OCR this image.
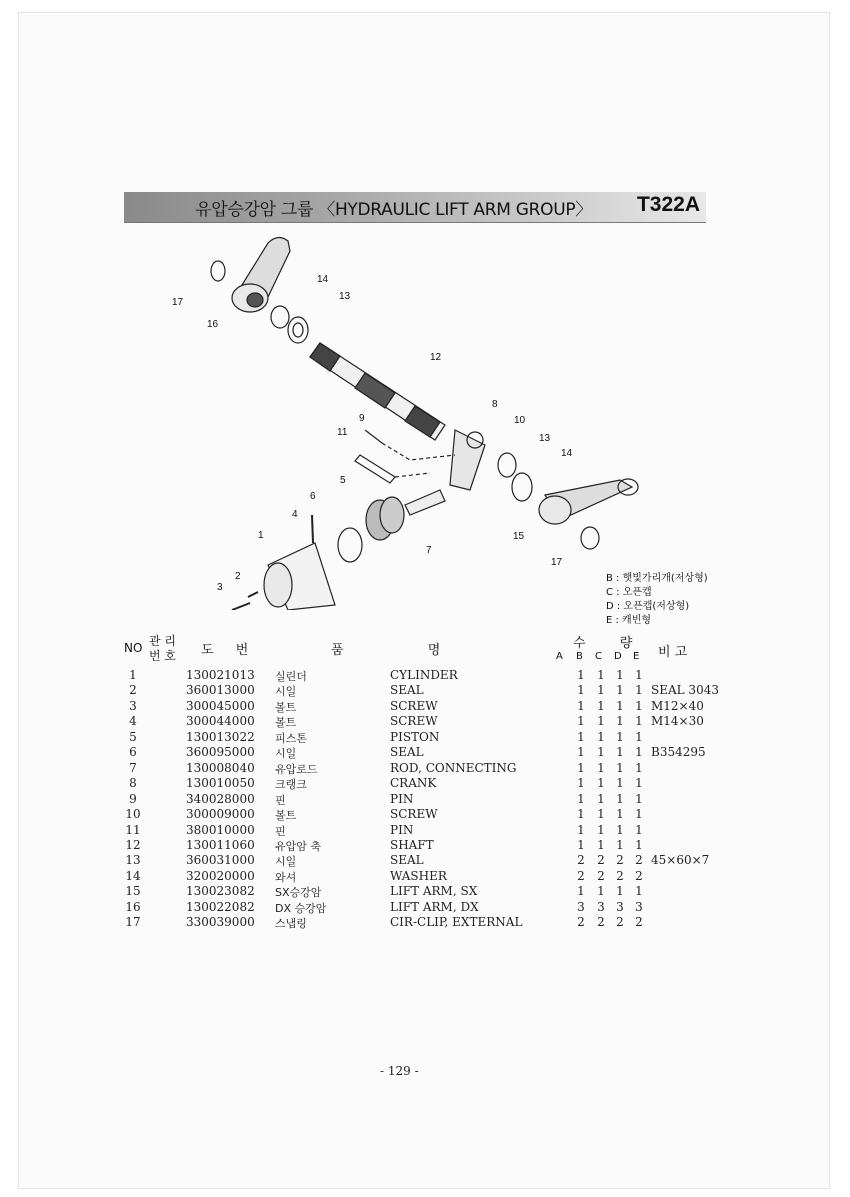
유압승강암 그룹 〈HYDRAULIC LIFT ARM GROUP〉 T322A
17
14
13
16
12
8
9	10
11
13
14
5
6
4
7
15
17
1
2
3
B : 햇빛가리개(저상형)
C : 오픈캡
D : 오픈캡(저상형)
E : 캐빈형
NO 관 리
번 호 도 번	품 명	수 량
A B C D E 비 고
1	130021013 실린더	CYLINDER	1 1 1 1
2	360013000 시일	SEAL	1 1 1 1 SEAL 3043
3	300045000 볼트	SCREW	1 1 1 1 M12×40
4	300044000 볼트	SCREW	1 1 1 1 M14×30
5	130013022 피스톤	PISTON	1 1 1 1
6	360095000 시일	SEAL	1 1 1 1 B354295
7	130008040 유압로드	ROD, CONNECTING	1 1 1 1
8	130010050 크랭크	CRANK	1 1 1 1
9	340028000 핀	PIN	1 1 1 1
10	300009000 볼트	SCREW	1 1 1 1
11	380010000 핀	PIN	1 1 1 1
12	130011060 유압암 축	SHAFT	1 1 1 1
13	360031000 시일	SEAL	2 2 2 2 45×60×7
14	320020000 와셔	WASHER	2 2 2 2
15	130023082 SX승강암	LIFT ARM, SX	1 1 1 1
16	130022082 DX 승강암	LIFT ARM, DX	3 3 3 3
17	330039000 스냅링	CIR-CLIP, EXTERNAL	2 2 2 2
- 129 -
